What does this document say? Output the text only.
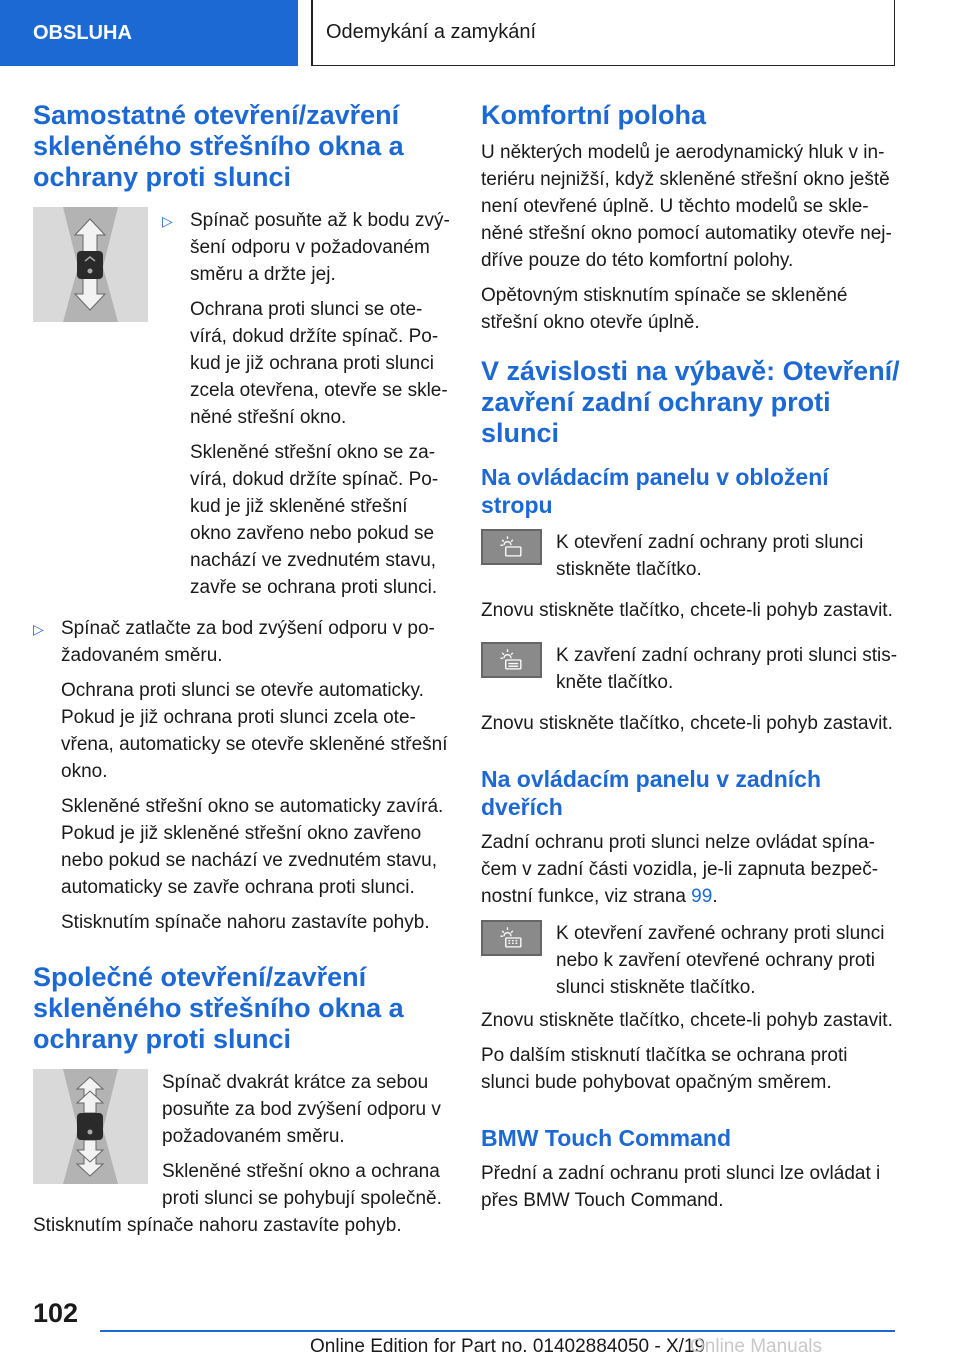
OBSLUHA	Odemykání a zamykání
Samostatné otevření/zavření skleněného střešního okna a ochrany proti slunci
▷ Spínač posuňte až k bodu zvý-šení odporu v požadovaném směru a držte jej.

Ochrana proti slunci se ote-vírá, dokud držíte spínač. Po-kud je již ochrana proti slunci zcela otevřena, otevře se skle-něné střešní okno.

Skleněné střešní okno se za-vírá, dokud držíte spínač. Po-kud je již skleněné střešní okno zavřeno nebo pokud se nachází ve zvednutém stavu, zavře se ochrana proti slunci.

▷ Spínač zatlačte za bod zvýšení odporu v po-žadovaném směru.

Ochrana proti slunci se otevře automaticky. Pokud je již ochrana proti slunci zcela ote-vřena, automaticky se otevře skleněné střešní okno.

Skleněné střešní okno se automaticky zavírá. Pokud je již skleněné střešní okno zavřeno nebo pokud se nachází ve zvednutém stavu, automaticky se zavře ochrana proti slunci.

Stisknutím spínače nahoru zastavíte pohyb.

Společné otevření/zavření skleněného střešního okna a ochrany proti slunci

Spínač dvakrát krátce za sebou posuňte za bod zvýšení odporu v požadovaném směru.

Skleněné střešní okno a ochrana proti slunci se pohybují společně.

Stisknutím spínače nahoru zastavíte pohyb.

Komfortní poloha

U některých modelů je aerodynamický hluk v in-teriéru nejnižší, když skleněné střešní okno ještě není otevřené úplně. U těchto modelů se skle-něné střešní okno pomocí automatiky otevře nej-dříve pouze do této komfortní polohy.

Opětovným stisknutím spínače se skleněné střešní okno otevře úplně.

V závislosti na výbavě: Otevření/ zavření zadní ochrany proti slunci
Na ovládacím panelu v obložení stropu

K otevření zadní ochrany proti slunci stiskněte tlačítko.

Znovu stiskněte tlačítko, chcete-li pohyb zastavit.

K zavření zadní ochrany proti slunci stis-kněte tlačítko.

Znovu stiskněte tlačítko, chcete-li pohyb zastavit.

Na ovládacím panelu v zadních dveřích

Zadní ochranu proti slunci nelze ovládat spína-čem v zadní části vozidla, je-li zapnuta bezpeč-nostní funkce, viz strana 99.

K otevření zavřené ochrany proti slunci nebo k zavření otevřené ochrany proti slunci stiskněte tlačítko.

Znovu stiskněte tlačítko, chcete-li pohyb zastavit.

Po dalším stisknutí tlačítka se ochrana proti slunci bude pohybovat opačným směrem.

BMW Touch Command

Přední a zadní ochranu proti slunci lze ovládat i přes BMW Touch Command.

102
Online Edition for Part no. 01402884050 - X/19
Online Manuals
